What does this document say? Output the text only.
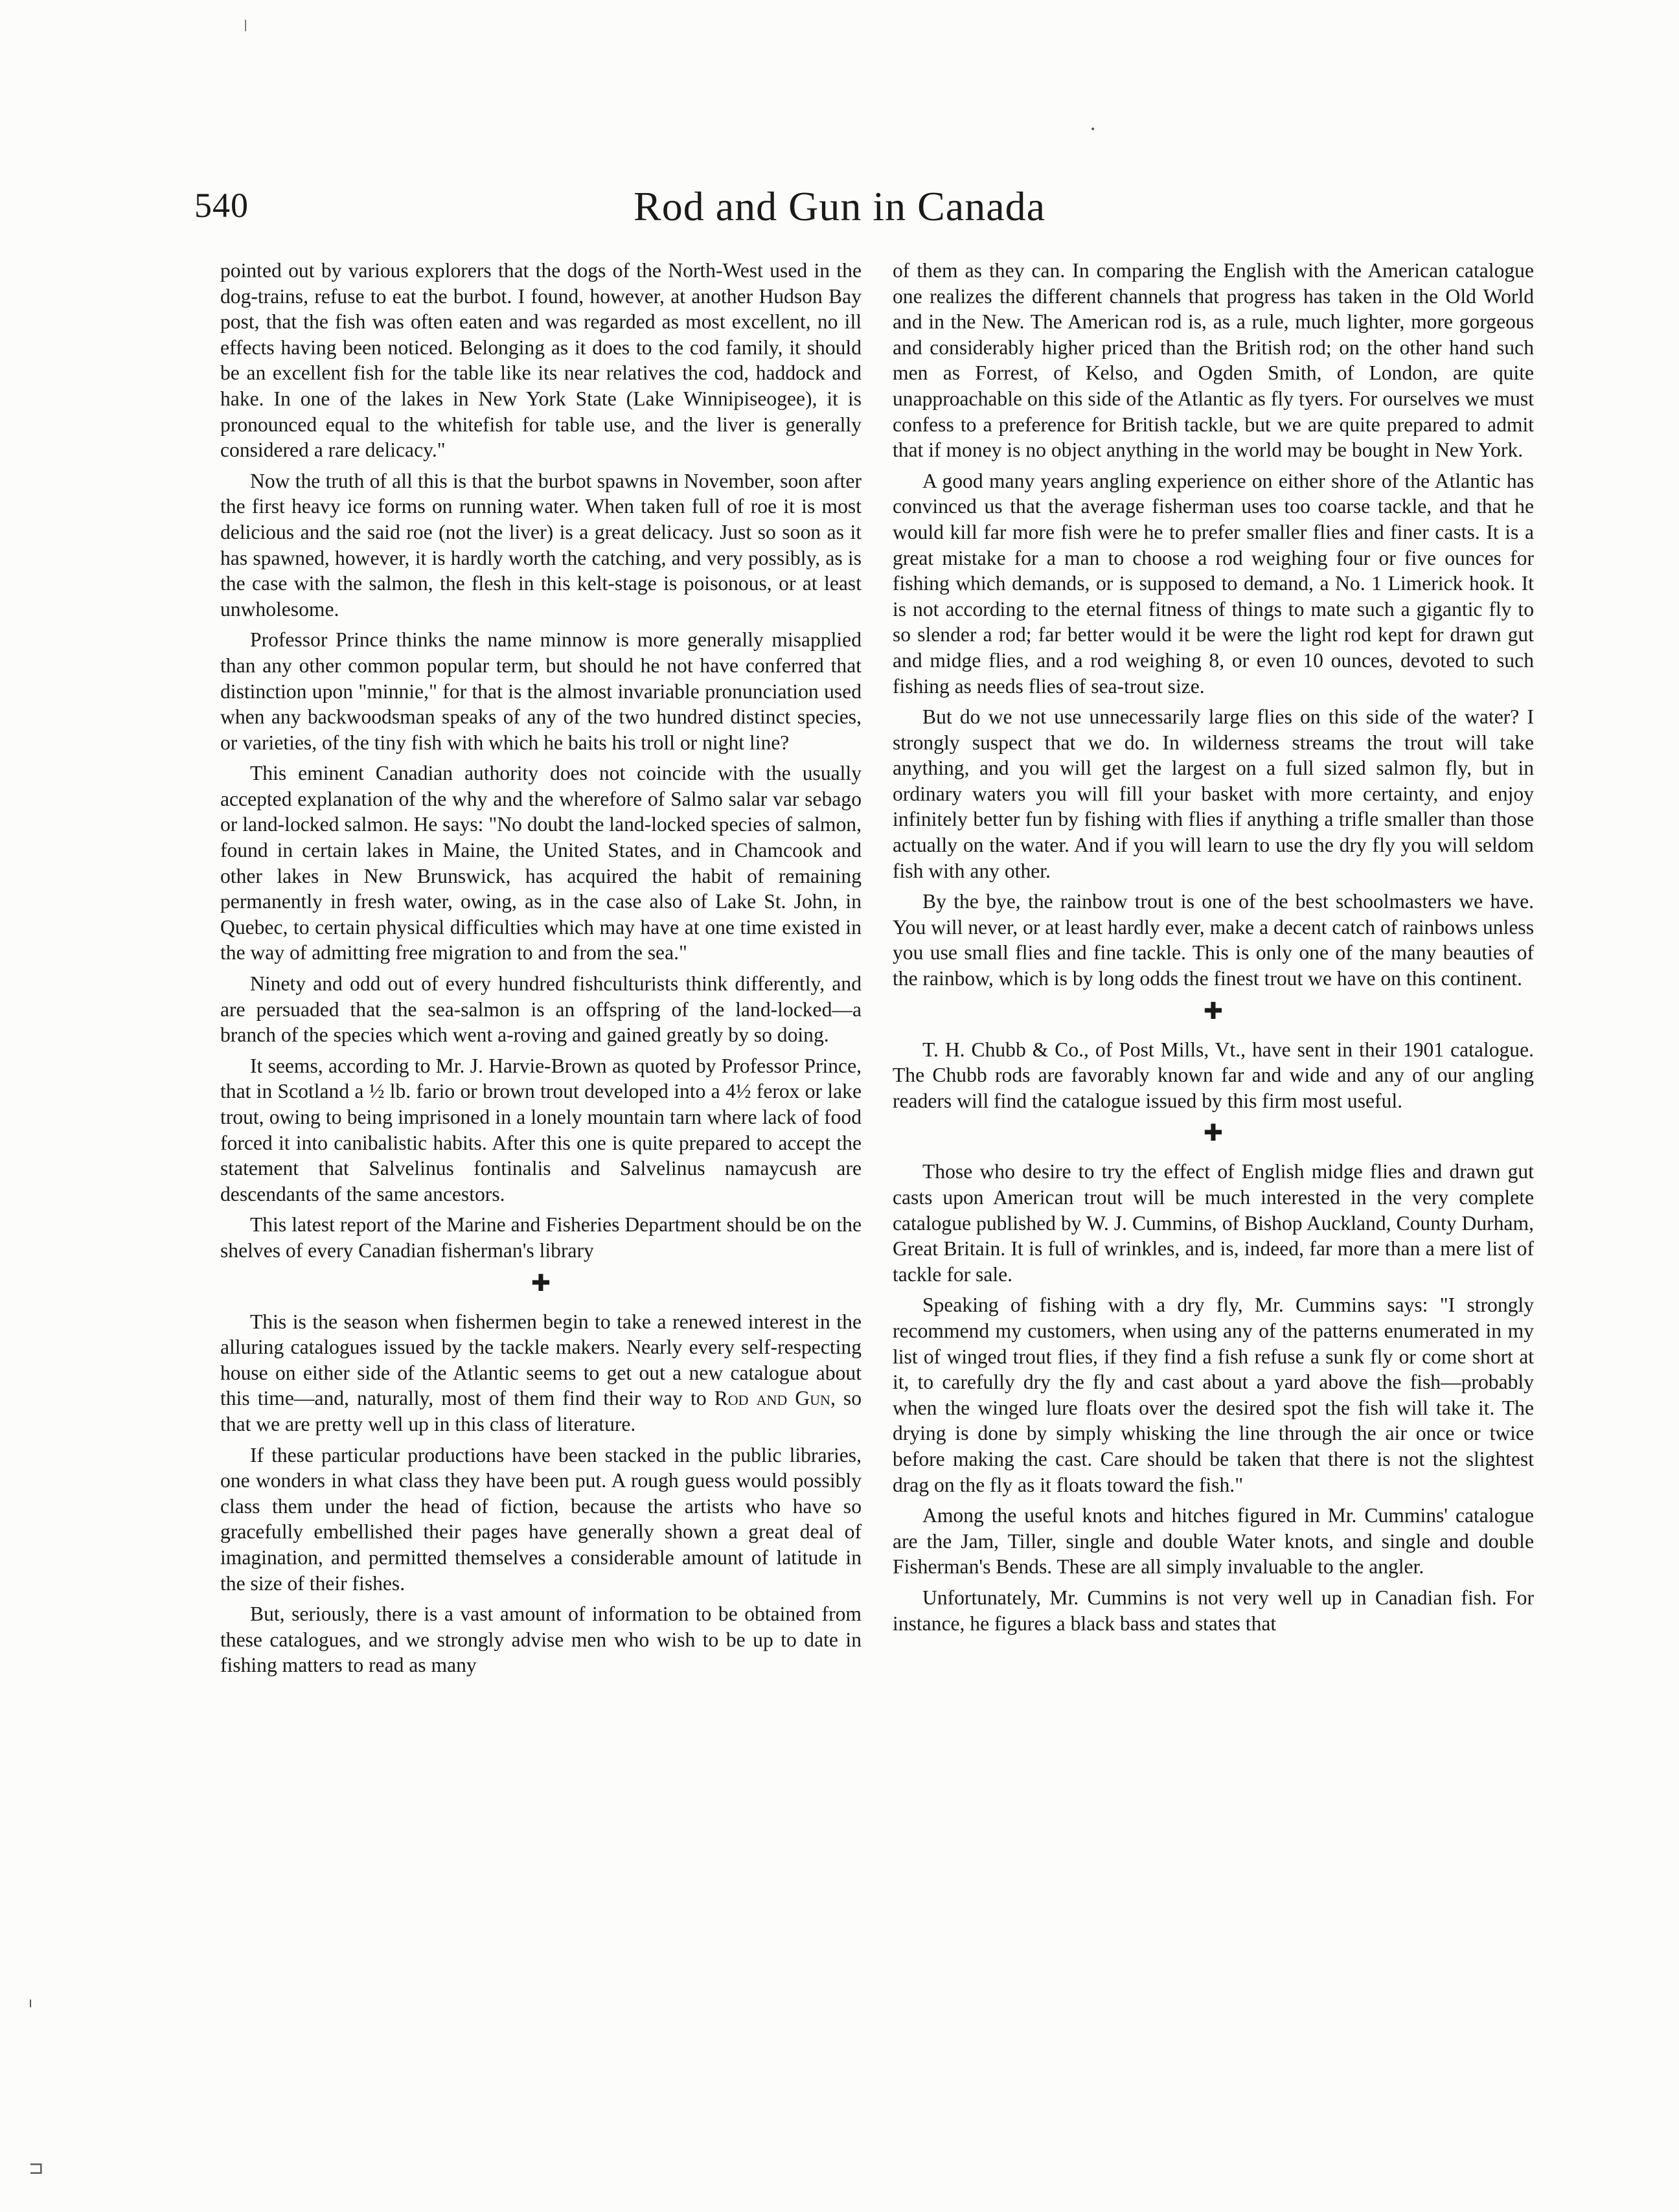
•
|
ı
⊐
540	Rod and Gun in Canada

pointed out by various explorers that the dogs of the North-West used in the dog-trains, refuse to eat the burbot. I found, however, at another Hudson Bay post, that the fish was often eaten and was regarded as most excellent, no ill effects having been noticed. Belonging as it does to the cod family, it should be an excellent fish for the table like its near relatives the cod, haddock and hake. In one of the lakes in New York State (Lake Winnipiseogee), it is pronounced equal to the whitefish for table use, and the liver is generally considered a rare delicacy."

Now the truth of all this is that the burbot spawns in November, soon after the first heavy ice forms on running water. When taken full of roe it is most delicious and the said roe (not the liver) is a great delicacy. Just so soon as it has spawned, however, it is hardly worth the catching, and very possibly, as is the case with the salmon, the flesh in this kelt-stage is poisonous, or at least unwholesome.

Professor Prince thinks the name minnow is more generally misapplied than any other common popular term, but should he not have conferred that distinction upon "minnie," for that is the almost invariable pronunciation used when any backwoodsman speaks of any of the two hundred distinct species, or varieties, of the tiny fish with which he baits his troll or night line?

This eminent Canadian authority does not coincide with the usually accepted explanation of the why and the wherefore of Salmo salar var sebago or land-locked salmon. He says: "No doubt the land-locked species of salmon, found in certain lakes in Maine, the United States, and in Chamcook and other lakes in New Brunswick, has acquired the habit of remaining permanently in fresh water, owing, as in the case also of Lake St. John, in Quebec, to certain physical difficulties which may have at one time existed in the way of admitting free migration to and from the sea."

Ninety and odd out of every hundred fishculturists think differently, and are persuaded that the sea-salmon is an offspring of the land-locked—a branch of the species which went a-roving and gained greatly by so doing.

It seems, according to Mr. J. Harvie-Brown as quoted by Professor Prince, that in Scotland a ½ lb. fario or brown trout developed into a 4½ ferox or lake trout, owing to being imprisoned in a lonely mountain tarn where lack of food forced it into canibalistic habits. After this one is quite prepared to accept the statement that Salvelinus fontinalis and Salvelinus namaycush are descendants of the same ancestors.

This latest report of the Marine and Fisheries Department should be on the shelves of every Canadian fisherman's library

✚

This is the season when fishermen begin to take a renewed interest in the alluring catalogues issued by the tackle makers. Nearly every self-respecting house on either side of the Atlantic seems to get out a new catalogue about this time—and, naturally, most of them find their way to Rod and Gun, so that we are pretty well up in this class of literature.

If these particular productions have been stacked in the public libraries, one wonders in what class they have been put. A rough guess would possibly class them under the head of fiction, because the artists who have so gracefully embellished their pages have generally shown a great deal of imagination, and permitted themselves a considerable amount of latitude in the size of their fishes.

But, seriously, there is a vast amount of information to be obtained from these catalogues, and we strongly advise men who wish to be up to date in fishing matters to read as many

of them as they can. In comparing the English with the American catalogue one realizes the different channels that progress has taken in the Old World and in the New. The American rod is, as a rule, much lighter, more gorgeous and considerably higher priced than the British rod; on the other hand such men as Forrest, of Kelso, and Ogden Smith, of London, are quite unapproachable on this side of the Atlantic as fly tyers. For ourselves we must confess to a preference for British tackle, but we are quite prepared to admit that if money is no object anything in the world may be bought in New York.

A good many years angling experience on either shore of the Atlantic has convinced us that the average fisherman uses too coarse tackle, and that he would kill far more fish were he to prefer smaller flies and finer casts. It is a great mistake for a man to choose a rod weighing four or five ounces for fishing which demands, or is supposed to demand, a No. 1 Limerick hook. It is not according to the eternal fitness of things to mate such a gigantic fly to so slender a rod; far better would it be were the light rod kept for drawn gut and midge flies, and a rod weighing 8, or even 10 ounces, devoted to such fishing as needs flies of sea-trout size.

But do we not use unnecessarily large flies on this side of the water? I strongly suspect that we do. In wilderness streams the trout will take anything, and you will get the largest on a full sized salmon fly, but in ordinary waters you will fill your basket with more certainty, and enjoy infinitely better fun by fishing with flies if anything a trifle smaller than those actually on the water. And if you will learn to use the dry fly you will seldom fish with any other.

By the bye, the rainbow trout is one of the best schoolmasters we have. You will never, or at least hardly ever, make a decent catch of rainbows unless you use small flies and fine tackle. This is only one of the many beauties of the rainbow, which is by long odds the finest trout we have on this continent.

✚

T. H. Chubb & Co., of Post Mills, Vt., have sent in their 1901 catalogue. The Chubb rods are favorably known far and wide and any of our angling readers will find the catalogue issued by this firm most useful.

✚

Those who desire to try the effect of English midge flies and drawn gut casts upon American trout will be much interested in the very complete catalogue published by W. J. Cummins, of Bishop Auckland, County Durham, Great Britain. It is full of wrinkles, and is, indeed, far more than a mere list of tackle for sale.

Speaking of fishing with a dry fly, Mr. Cummins says: "I strongly recommend my customers, when using any of the patterns enumerated in my list of winged trout flies, if they find a fish refuse a sunk fly or come short at it, to carefully dry the fly and cast about a yard above the fish—probably when the winged lure floats over the desired spot the fish will take it. The drying is done by simply whisking the line through the air once or twice before making the cast. Care should be taken that there is not the slightest drag on the fly as it floats toward the fish."

Among the useful knots and hitches figured in Mr. Cummins' catalogue are the Jam, Tiller, single and double Water knots, and single and double Fisherman's Bends. These are all simply invaluable to the angler.

Unfortunately, Mr. Cummins is not very well up in Canadian fish. For instance, he figures a black bass and states that
